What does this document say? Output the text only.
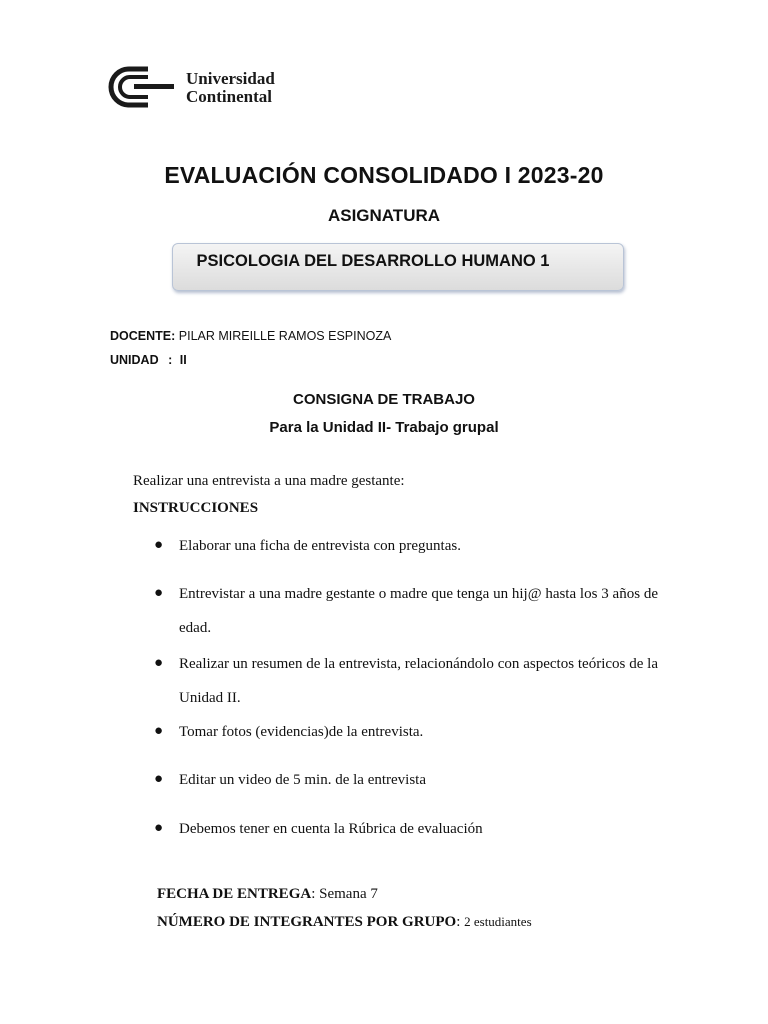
Universidad
Continental
EVALUACIÓN CONSOLIDADO I 2023-20
ASIGNATURA
PSICOLOGIA DEL DESARROLLO HUMANO 1
DOCENTE: PILAR MIREILLE RAMOS ESPINOZA
UNIDAD : II
CONSIGNA DE TRABAJO
Para la Unidad II- Trabajo grupal
Realizar una entrevista a una madre gestante:
INSTRUCCIONES
● Elaborar una ficha de entrevista con preguntas.
● Entrevistar a una madre gestante o madre que tenga un hij@ hasta los 3 años de edad.
● Realizar un resumen de la entrevista, relacionándolo con aspectos teóricos de la Unidad II.
● Tomar fotos (evidencias)de la entrevista.
● Editar un video de 5 min. de la entrevista
● Debemos tener en cuenta la Rúbrica de evaluación
FECHA DE ENTREGA: Semana 7
NÚMERO DE INTEGRANTES POR GRUPO: 2 estudiantes
